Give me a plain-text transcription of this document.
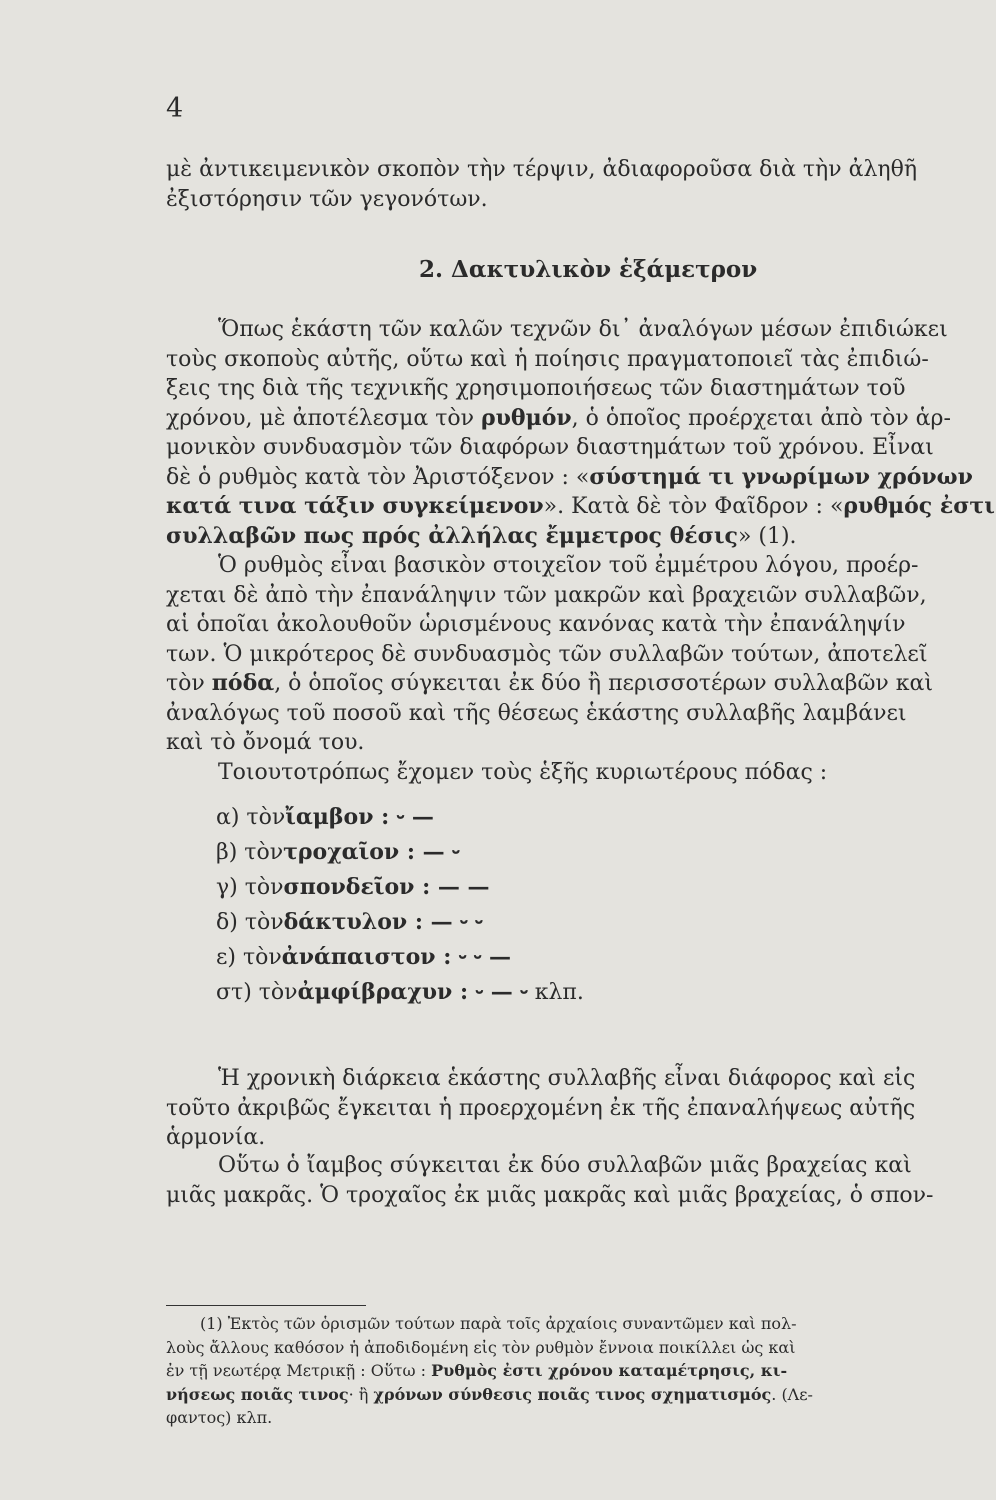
4
μὲ ἀντικειμενικὸν σκοπὸν τὴν τέρψιν, ἀδιαφοροῦσα διὰ τὴν ἀληθῆ
ἐξιστόρησιν τῶν γεγονότων.
2. Δακτυλικὸν ἑξάμετρον
Ὅπως ἑκάστη τῶν καλῶν τεχνῶν δι᾽ ἀναλόγων μέσων ἐπιδιώκει
τοὺς σκοποὺς αὐτῆς, οὕτω καὶ ἡ ποίησις πραγματοποιεῖ τὰς ἐπιδιώ-
ξεις της διὰ τῆς τεχνικῆς χρησιμοποιήσεως τῶν διαστημάτων τοῦ
χρόνου, μὲ ἀποτέλεσμα τὸν ρυθμόν, ὁ ὁποῖος προέρχεται ἀπὸ τὸν ἁρ-
μονικὸν συνδυασμὸν τῶν διαφόρων διαστημάτων τοῦ χρόνου. Εἶναι
δὲ ὁ ρυθμὸς κατὰ τὸν Ἀριστόξενον : «σύστημά τι γνωρίμων χρόνων
κατά τινα τάξιν συγκείμενον». Κατὰ δὲ τὸν Φαῖδρον : «ρυθμός ἐστι
συλλαβῶν πως πρός ἀλλήλας ἔμμετρος θέσις» (1).
Ὁ ρυθμὸς εἶναι βασικὸν στοιχεῖον τοῦ ἐμμέτρου λόγου, προέρ-
χεται δὲ ἀπὸ τὴν ἐπανάληψιν τῶν μακρῶν καὶ βραχειῶν συλλαβῶν,
αἱ ὁποῖαι ἀκολουθοῦν ὡρισμένους κανόνας κατὰ τὴν ἐπανάληψίν
των. Ὁ μικρότερος δὲ συνδυασμὸς τῶν συλλαβῶν τούτων, ἀποτελεῖ
τὸν πόδα, ὁ ὁποῖος σύγκειται ἐκ δύο ἢ περισσοτέρων συλλαβῶν καὶ
ἀναλόγως τοῦ ποσοῦ καὶ τῆς θέσεως ἑκάστης συλλαβῆς λαμβάνει
καὶ τὸ ὄνομά του.
Τοιουτοτρόπως ἔχομεν τοὺς ἑξῆς κυριωτέρους πόδας :
α) τὸνἴαμβον : ⏑ —
β) τὸντροχαῖον : — ⏑
γ) τὸνσπονδεῖον : — —
δ) τὸνδάκτυλον : — ⏑ ⏑
ε) τὸνἀνάπαιστον : ⏑ ⏑ —
στ) τὸνἀμφίβραχυν : ⏑ — ⏑ κλπ.
Ἡ χρονικὴ διάρκεια ἑκάστης συλλαβῆς εἶναι διάφορος καὶ εἰς
τοῦτο ἀκριβῶς ἔγκειται ἡ προερχομένη ἐκ τῆς ἐπαναλήψεως αὐτῆς
ἁρμονία.
Οὕτω ὁ ἴαμβος σύγκειται ἐκ δύο συλλαβῶν μιᾶς βραχείας καὶ
μιᾶς μακρᾶς. Ὁ τροχαῖος ἐκ μιᾶς μακρᾶς καὶ μιᾶς βραχείας, ὁ σπον-
(1) Ἐκτὸς τῶν ὁρισμῶν τούτων παρὰ τοῖς ἀρχαίοις συναντῶμεν καὶ πολ-
λοὺς ἄλλους καθόσον ἡ ἀποδιδομένη εἰς τὸν ρυθμὸν ἔννοια ποικίλλει ὡς καὶ
ἐν τῇ νεωτέρᾳ Μετρικῇ : Οὕτω : Ρυθμὸς ἐστι χρόνου καταμέτρησις, κι-
νήσεως ποιᾶς τινος· ἢ χρόνων σύνθεσις ποιᾶς τινος σχηματισμός. (Λε-
φαντος) κλπ.
